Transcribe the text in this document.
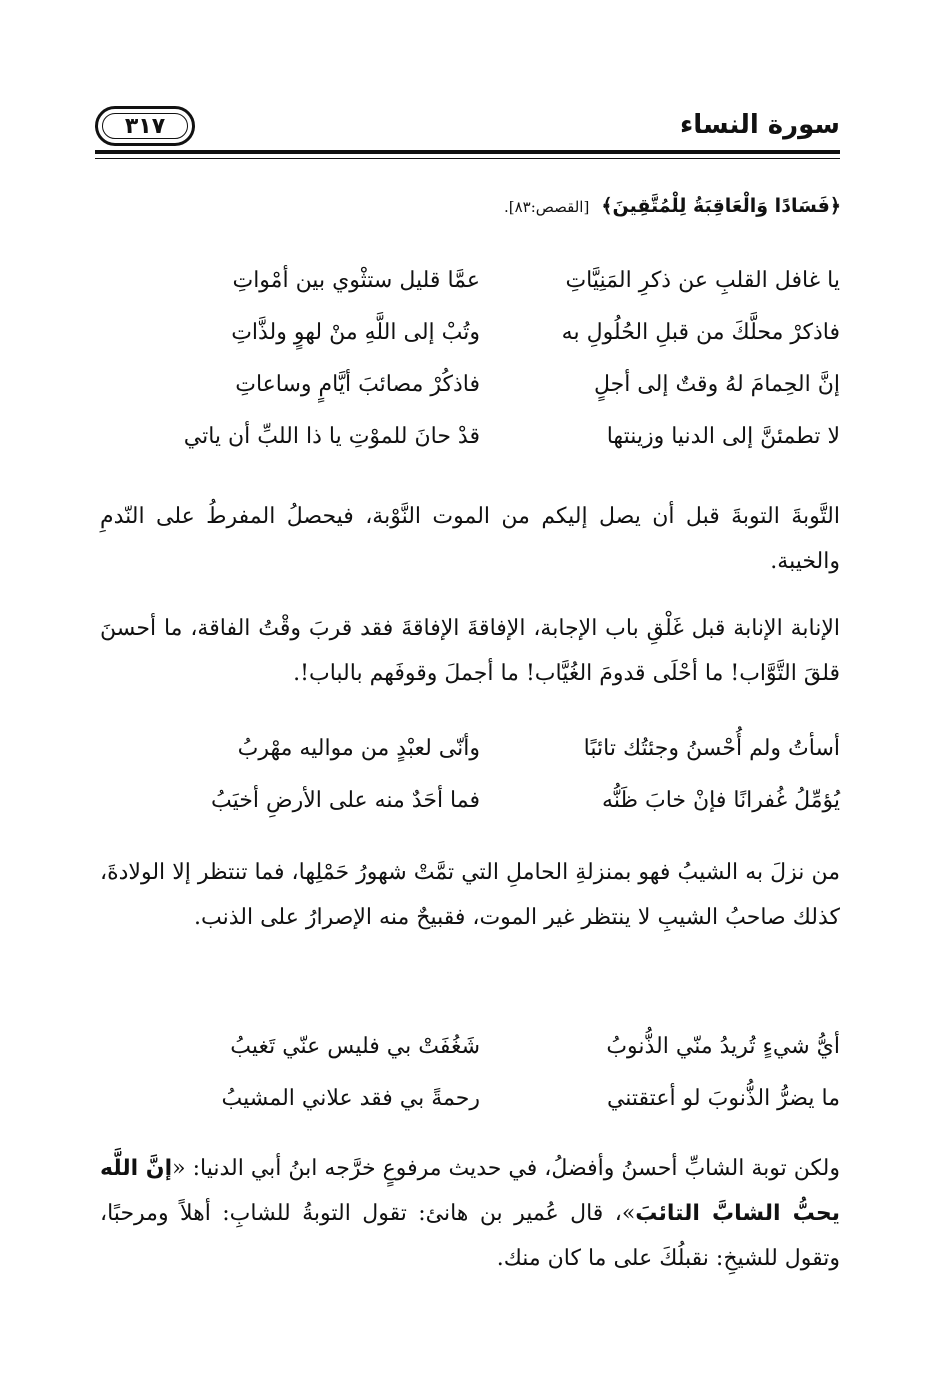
سورة النساء
٣١٧
﴿فَسَادًا وَالْعَاقِبَةُ لِلْمُتَّقِينَ﴾ [القصص:٨٣].
يا غافل القلبِ عن ذكرِ المَنِيَّاتِ
عمَّا قليل ستثْوي بين أمْواتِ
فاذكرْ محلَّكَ من قبلِ الحُلُولِ به
وتُبْ إلى اللَّهِ منْ لهوٍ ولذَّاتِ
إنَّ الحِمامَ لهُ وقتٌ إلى أجلٍ
فاذكُرْ مصائبَ أيَّامٍ وساعاتِ
لا تطمئنَّ إلى الدنيا وزينتها
قدْ حانَ للموْتِ يا ذا اللبِّ أن ياتي
التَّوبةَ التوبةَ قبل أن يصل إليكم من الموت النَّوْبة، فيحصلُ المفرطُ على النّدمِ والخيبة.
الإنابة الإنابة قبل غَلْقِ باب الإجابة، الإفاقةَ الإفاقةَ فقد قربَ وقْتُ الفاقة، ما أحسنَ قلقَ التَّوَّاب! ما أحْلَى قدومَ الغُيَّاب! ما أجملَ وقوفَهم بالباب!.
أسأتُ ولم أُحْسنُ وجئتُك تائبًا
وأنّى لعبْدٍ من مواليه مهْربُ
يُؤمِّلُ غُفرانًا فإنْ خابَ ظَنُّه
فما أحَدٌ منه على الأرضِ أخيَبُ
من نزلَ به الشيبُ فهو بمنزلةِ الحاملِ التي تمَّتْ شهورُ حَمْلِها، فما تنتظر إلا الولادةَ، كذلك صاحبُ الشيبِ لا ينتظر غير الموت، فقبيحٌ منه الإصرارُ على الذنب.
أيُّ شيءٍ تُريدُ منّي الذُّنوبُ
شَغُفَتْ بي فليس عنّي تَغيبُ
ما يضرُّ الذُّنوبَ لو أعتقتني
رحمةً بي فقد علاني المشيبُ
ولكن توبة الشابِّ أحسنُ وأفضلُ، في حديث مرفوعٍ خرَّجه ابنُ أبي الدنيا: «إنَّ اللَّه يحبُّ الشابَّ التائبَ»، قال عُمير بن هانئ: تقول التوبةُ للشابِ: أهلاً ومرحبًا، وتقول للشيخِ: نقبلُكَ على ما كان منك.
